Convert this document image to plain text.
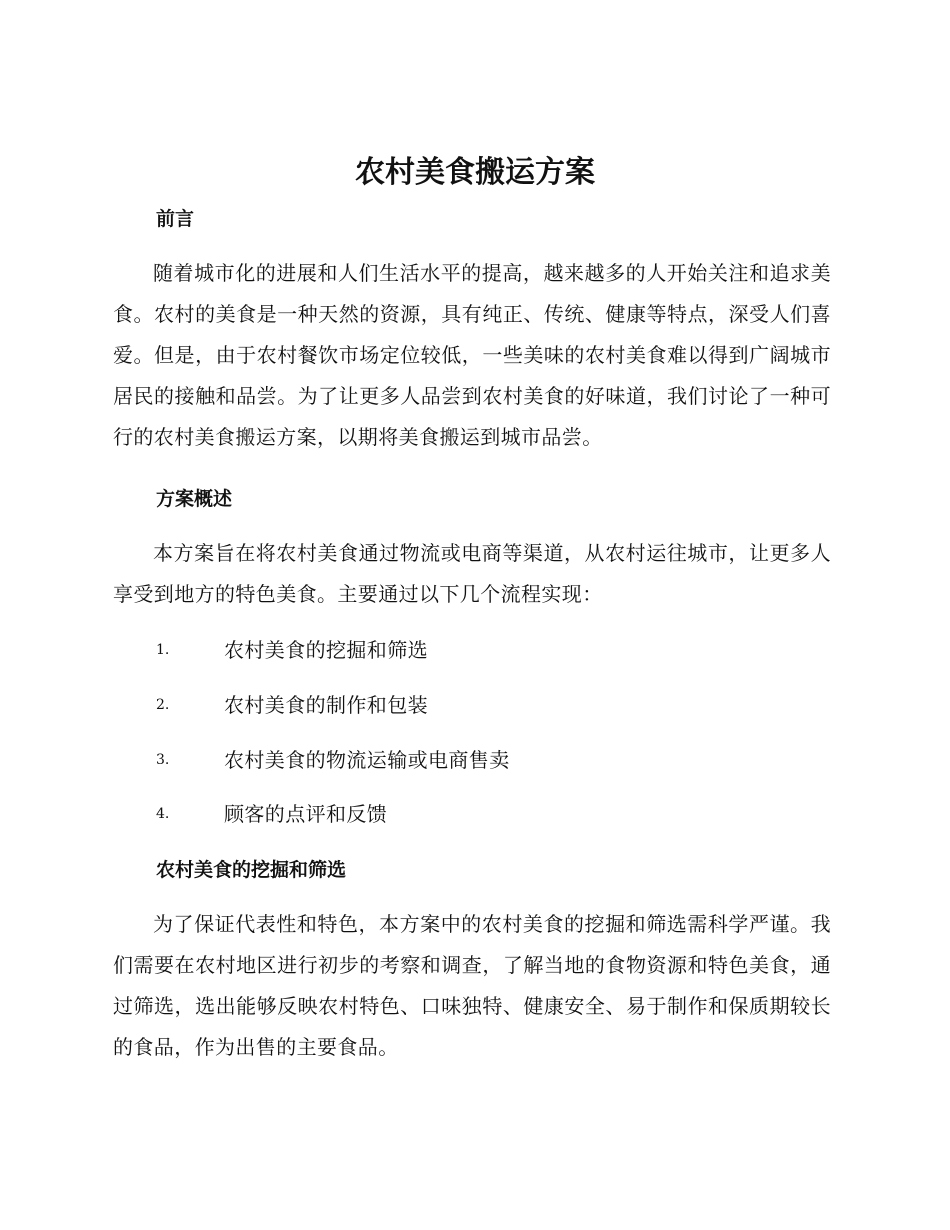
农村美食搬运方案
前言

随着城市化的进展和人们生活水平的提高，越来越多的人开始关注和追求美食。农村的美食是一种天然的资源，具有纯正、传统、健康等特点，深受人们喜爱。但是，由于农村餐饮市场定位较低，一些美味的农村美食难以得到广阔城市居民的接触和品尝。为了让更多人品尝到农村美食的好味道，我们讨论了一种可行的农村美食搬运方案，以期将美食搬运到城市品尝。

方案概述

本方案旨在将农村美食通过物流或电商等渠道，从农村运往城市，让更多人享受到地方的特色美食。主要通过以下几个流程实现：

1.	农村美食的挖掘和筛选
2.	农村美食的制作和包装
3.	农村美食的物流运输或电商售卖
4.	顾客的点评和反馈
农村美食的挖掘和筛选

为了保证代表性和特色，本方案中的农村美食的挖掘和筛选需科学严谨。我们需要在农村地区进行初步的考察和调查，了解当地的食物资源和特色美食，通过筛选，选出能够反映农村特色、口味独特、健康安全、易于制作和保质期较长的食品，作为出售的主要食品。
